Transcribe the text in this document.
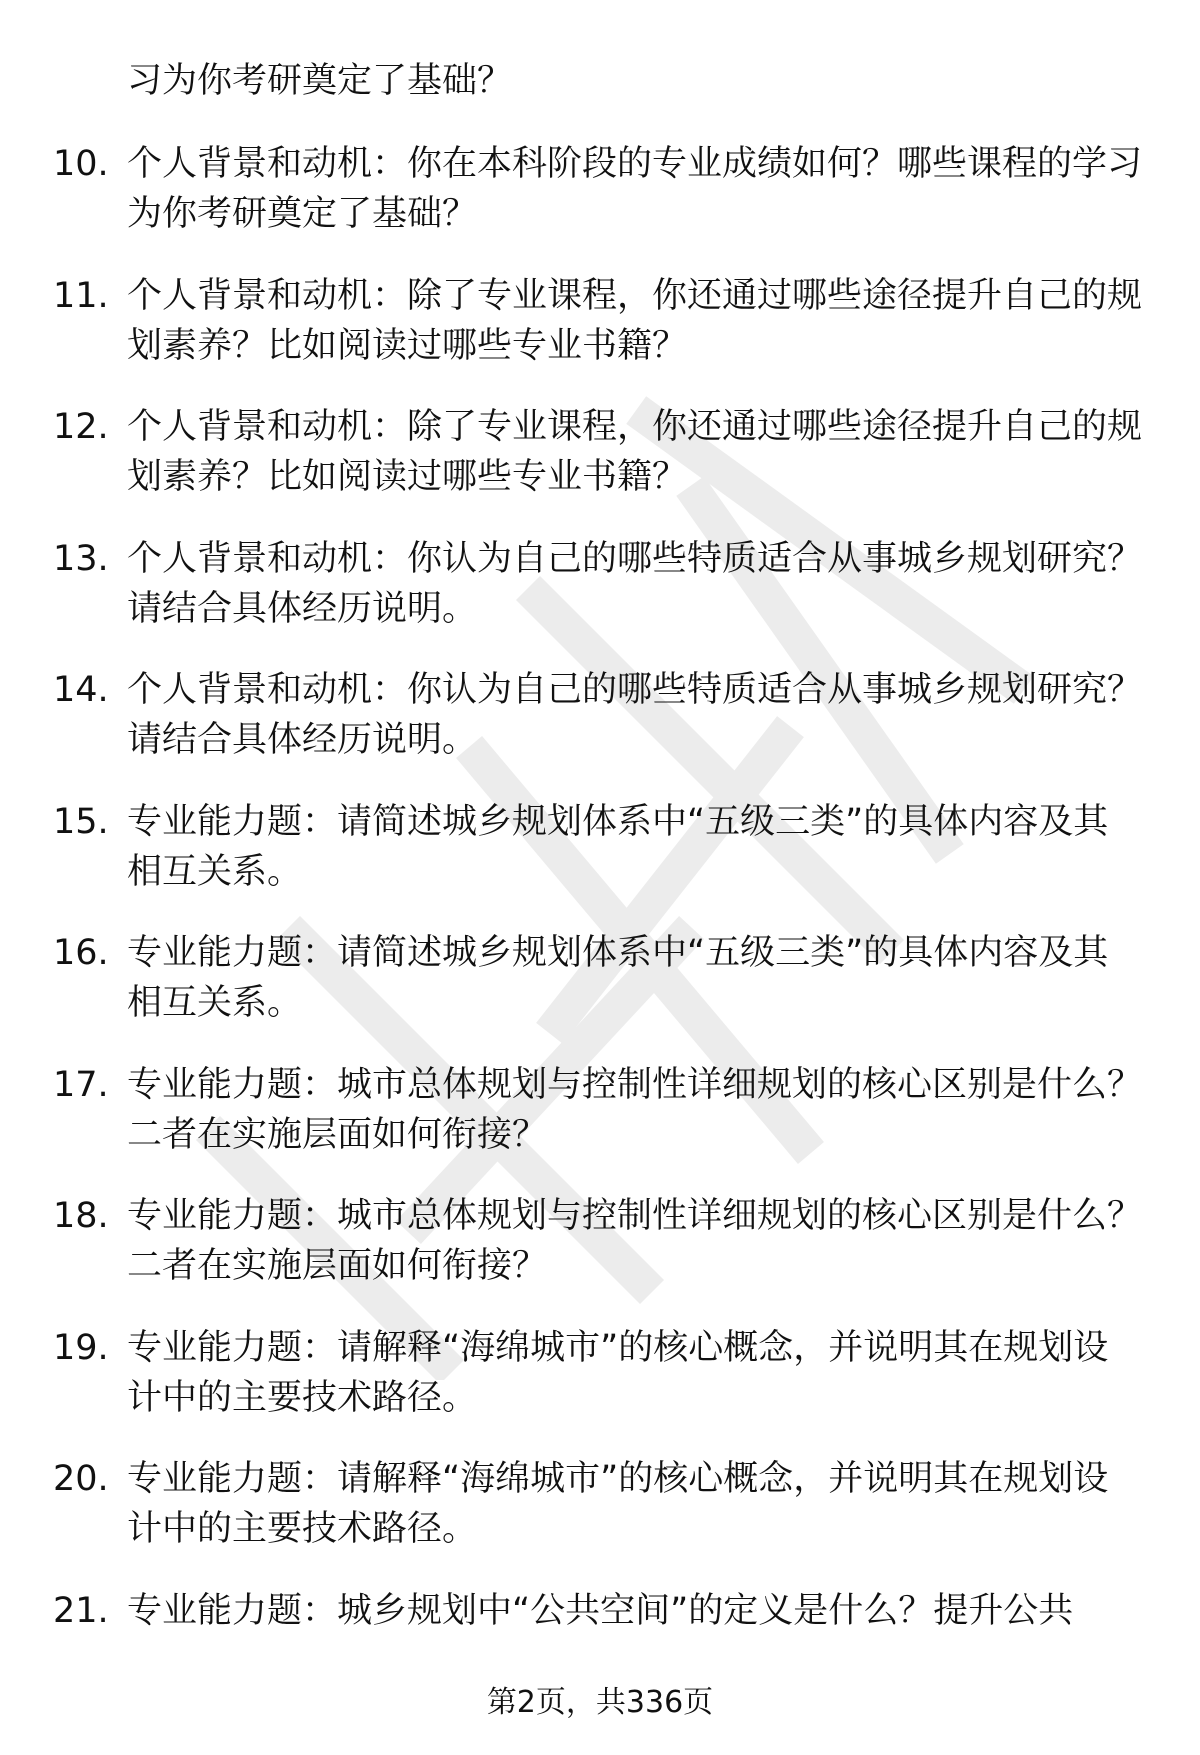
习为你考研奠定了基础？
10. 个人背景和动机：你在本科阶段的专业成绩如何？哪些课程的学习为你考研奠定了基础？
11. 个人背景和动机：除了专业课程，你还通过哪些途径提升自己的规划素养？比如阅读过哪些专业书籍？
12. 个人背景和动机：除了专业课程，你还通过哪些途径提升自己的规划素养？比如阅读过哪些专业书籍？
13. 个人背景和动机：你认为自己的哪些特质适合从事城乡规划研究？请结合具体经历说明。
14. 个人背景和动机：你认为自己的哪些特质适合从事城乡规划研究？请结合具体经历说明。
15. 专业能力题：请简述城乡规划体系中“五级三类”的具体内容及其相互关系。
16. 专业能力题：请简述城乡规划体系中“五级三类”的具体内容及其相互关系。
17. 专业能力题：城市总体规划与控制性详细规划的核心区别是什么？二者在实施层面如何衔接？
18. 专业能力题：城市总体规划与控制性详细规划的核心区别是什么？二者在实施层面如何衔接？
19. 专业能力题：请解释“海绵城市”的核心概念，并说明其在规划设计中的主要技术路径。
20. 专业能力题：请解释“海绵城市”的核心概念，并说明其在规划设计中的主要技术路径。
21. 专业能力题：城乡规划中“公共空间”的定义是什么？提升公共
第2页，共336页
